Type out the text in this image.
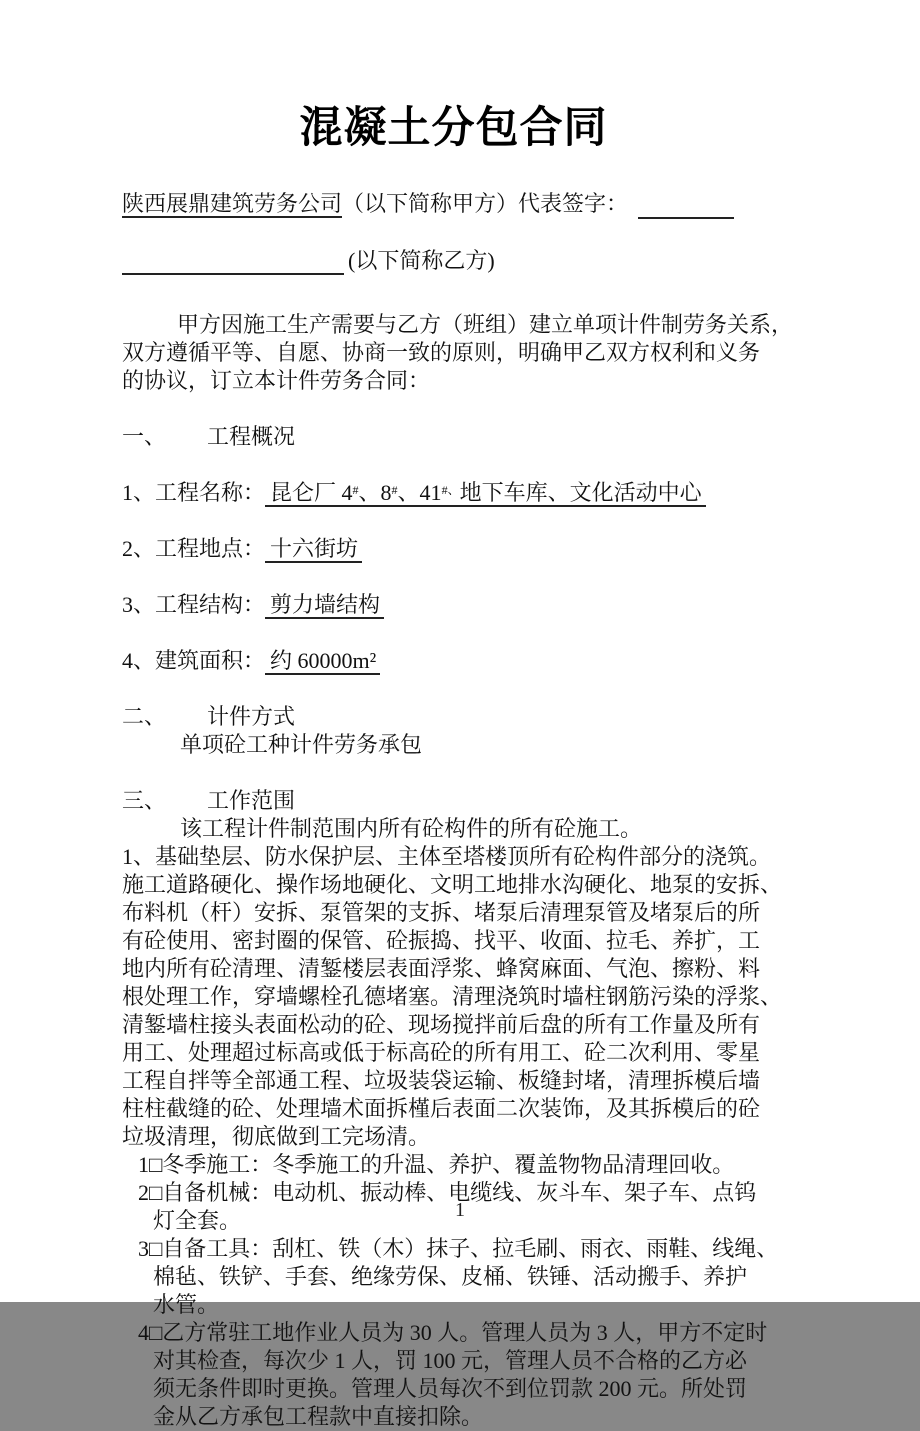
混凝土分包合同

陕西展鼎建筑劳务公司（以下简称甲方）代表签字：

(以下简称乙方)

甲方因施工生产需要与乙方（班组）建立单项计件制劳务关系，
双方遵循平等、自愿、协商一致的原则，明确甲乙双方权利和义务
的协议，订立本计件劳务合同：

一、 工程概况

1、工程名称： 昆仑厂 4#、8#、41#、地下车库、文化活动中心

2、工程地点： 十六街坊

3、工程结构： 剪力墙结构

4、建筑面积： 约 60000m²

二、 计件方式

单项砼工种计件劳务承包

三、 工作范围

该工程计件制范围内所有砼构件的所有砼施工。
1、基础垫层、防水保护层、主体至塔楼顶所有砼构件部分的浇筑。
施工道路硬化、操作场地硬化、文明工地排水沟硬化、地泵的安拆、
布料机（杆）安拆、泵管架的支拆、堵泵后清理泵管及堵泵后的所
有砼使用、密封圈的保管、砼振捣、找平、收面、拉毛、养扩，工
地内所有砼清理、清錾楼层表面浮浆、蜂窝麻面、气泡、擦粉、料
根处理工作，穿墙螺栓孔德堵塞。清理浇筑时墙柱钢筋污染的浮浆、
清錾墙柱接头表面松动的砼、现场搅拌前后盘的所有工作量及所有
用工、处理超过标高或低于标高砼的所有用工、砼二次利用、零星
工程自拌等全部通工程、垃圾装袋运输、板缝封堵，清理拆模后墙
柱柱截缝的砼、处理墙术面拆槿后表面二次装饰，及其拆模后的砼
垃圾清理，彻底做到工完场清。
1□冬季施工：冬季施工的升温、养护、覆盖物物品清理回收。
2□自备机械：电动机、振动棒、电缆线、灰斗车、架子车、点钨
灯全套。
3□自备工具：刮杠、铁（木）抹子、拉毛刷、雨衣、雨鞋、线绳、
棉毡、铁铲、手套、绝缘劳保、皮桶、铁锤、活动搬手、养护
水管。
4□乙方常驻工地作业人员为 30 人。管理人员为 3 人，甲方不定时
对其检查，每次少 1 人，罚 100 元，管理人员不合格的乙方必
须无条件即时更换。管理人员每次不到位罚款 200 元。所处罚
金从乙方承包工程款中直接扣除。
1
